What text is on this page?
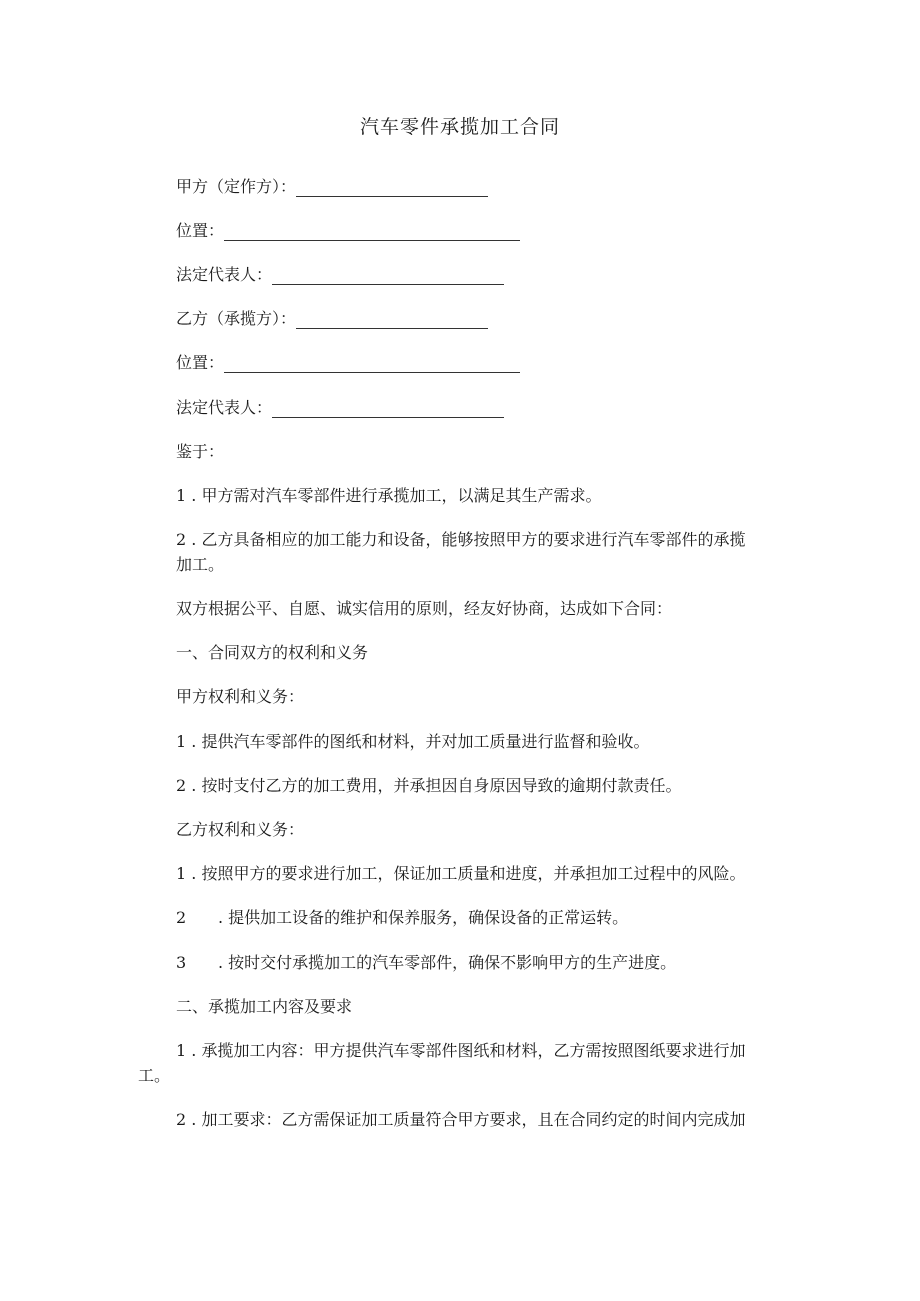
汽车零件承揽加工合同
甲方（定作方）：
位置：
法定代表人：
乙方（承揽方）：
位置：
法定代表人：
鉴于：
1 . 甲方需对汽车零部件进行承揽加工，以满足其生产需求。
2 . 乙方具备相应的加工能力和设备，能够按照甲方的要求进行汽车零部件的承揽
加工。
双方根据公平、自愿、诚实信用的原则，经友好协商，达成如下合同：
一、合同双方的权利和义务
甲方权利和义务：
1 . 提供汽车零部件的图纸和材料，并对加工质量进行监督和验收。
2 . 按时支付乙方的加工费用，并承担因自身原因导致的逾期付款责任。
乙方权利和义务：
1 . 按照甲方的要求进行加工，保证加工质量和进度，并承担加工过程中的风险。
2 . 提供加工设备的维护和保养服务，确保设备的正常运转。
3 . 按时交付承揽加工的汽车零部件，确保不影响甲方的生产进度。
二、承揽加工内容及要求
1 . 承揽加工内容：甲方提供汽车零部件图纸和材料，乙方需按照图纸要求进行加
工。
2 . 加工要求：乙方需保证加工质量符合甲方要求，且在合同约定的时间内完成加
